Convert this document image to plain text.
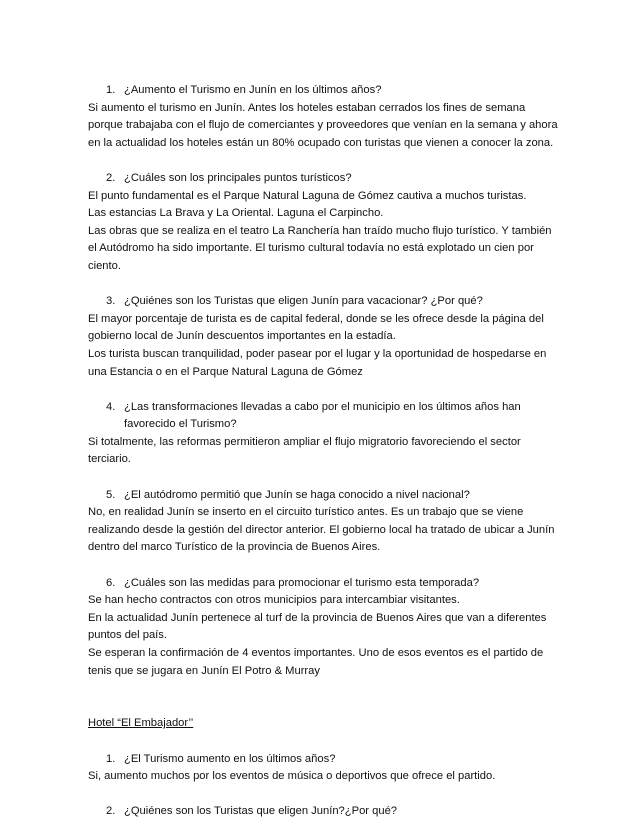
1. ¿Aumento el Turismo en Junín en los últimos años?

Si aumento el turismo en Junín. Antes los hoteles estaban cerrados los fines de semana porque trabajaba con el flujo de comerciantes y proveedores que venían en la semana y ahora en la actualidad los hoteles están un 80% ocupado con turistas que vienen a conocer la zona.

2. ¿Cuáles son los principales puntos turísticos?

El punto fundamental es el Parque Natural Laguna de Gómez cautiva a muchos turistas.

Las estancias La Brava y La Oriental. Laguna el Carpincho.

Las obras que se realiza en el teatro La Ranchería han traído mucho flujo turístico. Y también el Autódromo ha sido importante. El turismo cultural todavía no está explotado un cien por ciento.

3. ¿Quiénes son los Turistas que eligen Junín para vacacionar? ¿Por qué?

El mayor porcentaje de turista es de capital federal, donde se les ofrece desde la página del gobierno local de Junín descuentos importantes en la estadía.

Los turista buscan tranquilidad, poder pasear por el lugar y la oportunidad de hospedarse en una Estancia o en el Parque Natural Laguna de Gómez

4. ¿Las transformaciones llevadas a cabo por el municipio en los últimos años han favorecido el Turismo?

Si totalmente, las reformas permitieron ampliar el flujo migratorio favoreciendo el sector terciario.

5. ¿El autódromo permitió que Junín se haga conocido a nivel nacional?

No, en realidad Junín se inserto en el circuito turístico antes. Es un trabajo que se viene realizando desde la gestión del director anterior. El gobierno local ha tratado de ubicar a Junín dentro del marco Turístico de la provincia de Buenos Aires.

6. ¿Cuáles son las medidas para promocionar el turismo esta temporada?

Se han hecho contractos con otros municipios para intercambiar visitantes.

En la actualidad Junín pertenece al turf de la provincia de Buenos Aires que van a diferentes puntos del país.

Se esperan la confirmación de 4 eventos importantes. Uno de esos eventos es el partido de tenis que se jugara en Junín El Potro & Murray

Hotel “El Embajador’’

1. ¿El Turismo aumento en los últimos años?

Si, aumento muchos por los eventos de música o deportivos que ofrece el partido.

2. ¿Quiénes son los Turistas que eligen Junín?¿Por qué?
